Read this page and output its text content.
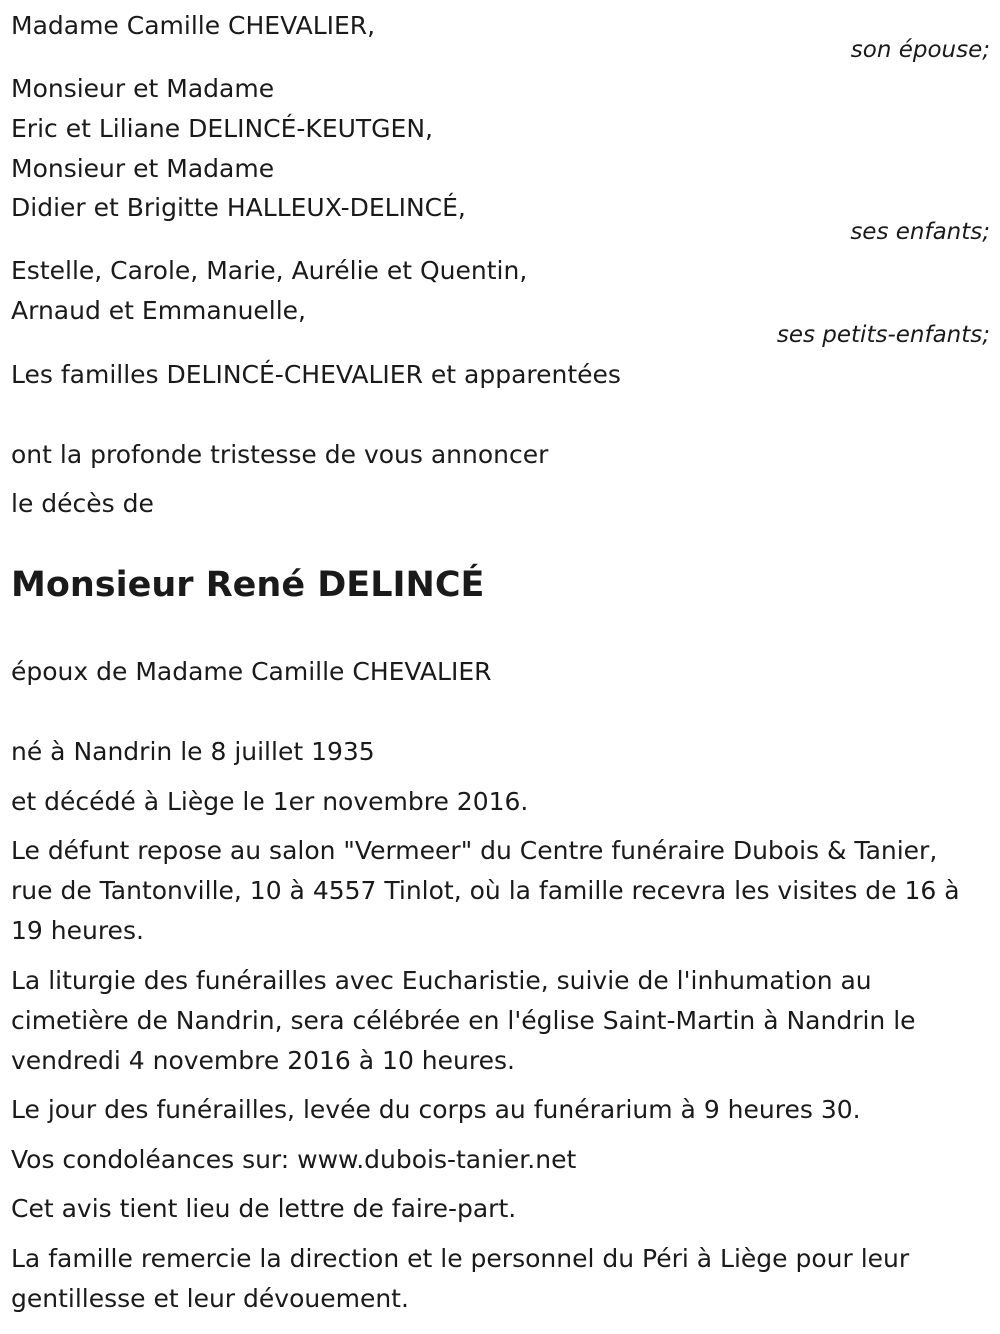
Madame Camille CHEVALIER,

son épouse;

Monsieur et Madame

Eric et Liliane DELINCÉ-KEUTGEN,

Monsieur et Madame

Didier et Brigitte HALLEUX-DELINCÉ,

ses enfants;

Estelle, Carole, Marie, Aurélie et Quentin,

Arnaud et Emmanuelle,

ses petits-enfants;

Les familles DELINCÉ-CHEVALIER et apparentées

ont la profonde tristesse de vous annoncer

le décès de

Monsieur René DELINCÉ

époux de Madame Camille CHEVALIER

né à Nandrin le 8 juillet 1935

et décédé à Liège le 1er novembre 2016.

Le défunt repose au salon "Vermeer" du Centre funéraire Dubois & Tanier, rue de Tantonville, 10 à 4557 Tinlot, où la famille recevra les visites de 16 à 19 heures.

La liturgie des funérailles avec Eucharistie, suivie de l'inhumation au cimetière de Nandrin, sera célébrée en l'église Saint-Martin à Nandrin le vendredi 4 novembre 2016 à 10 heures.

Le jour des funérailles, levée du corps au funérarium à 9 heures 30.

Vos condoléances sur: www.dubois-tanier.net

Cet avis tient lieu de lettre de faire-part.

La famille remercie la direction et le personnel du Péri à Liège pour leur gentillesse et leur dévouement.
